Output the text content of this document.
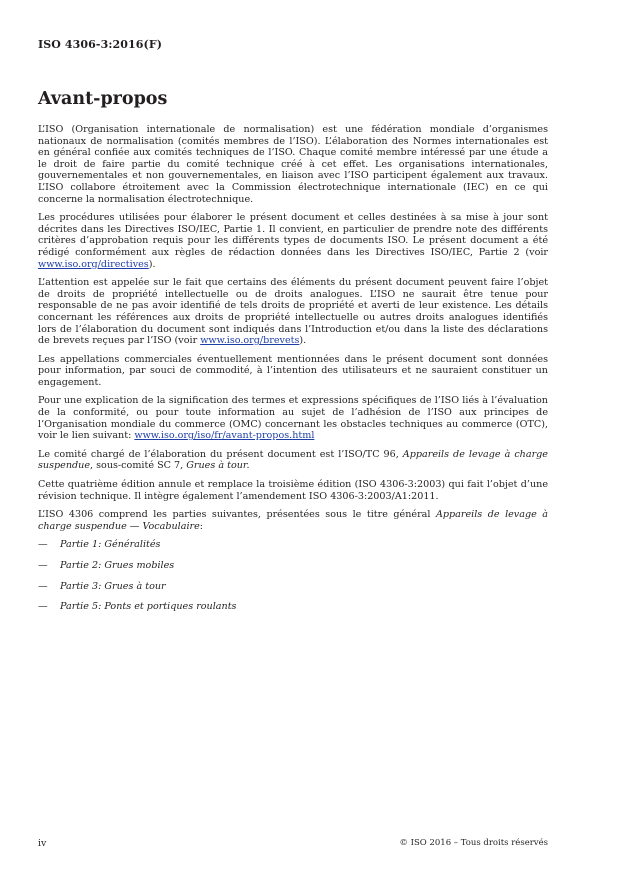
ISO 4306-3:2016(F)
Avant-propos

L’ISO (Organisation internationale de normalisation) est une fédération mondiale d’organismes nationaux de normalisation (comités membres de l’ISO). L’élaboration des Normes internationales est en général confiée aux comités techniques de l’ISO. Chaque comité membre intéressé par une étude a le droit de faire partie du comité technique créé à cet effet. Les organisations internationales, gouvernementales et non gouvernementales, en liaison avec l’ISO participent également aux travaux. L’ISO collabore étroitement avec la Commission électrotechnique internationale (IEC) en ce qui concerne la normalisation électrotechnique.

Les procédures utilisées pour élaborer le présent document et celles destinées à sa mise à jour sont décrites dans les Directives ISO/IEC, Partie 1. Il convient, en particulier de prendre note des différents critères d’approbation requis pour les différents types de documents ISO. Le présent document a été rédigé conformément aux règles de rédaction données dans les Directives ISO/IEC, Partie 2 (voir www.iso.org/directives).

L’attention est appelée sur le fait que certains des éléments du présent document peuvent faire l’objet de droits de propriété intellectuelle ou de droits analogues. L’ISO ne saurait être tenue pour responsable de ne pas avoir identifié de tels droits de propriété et averti de leur existence. Les détails concernant les références aux droits de propriété intellectuelle ou autres droits analogues identifiés lors de l’élaboration du document sont indiqués dans l’Introduction et/ou dans la liste des déclarations de brevets reçues par l’ISO (voir www.iso.org/brevets).

Les appellations commerciales éventuellement mentionnées dans le présent document sont données pour information, par souci de commodité, à l’intention des utilisateurs et ne sauraient constituer un engagement.

Pour une explication de la signification des termes et expressions spécifiques de l’ISO liés à l’évaluation de la conformité, ou pour toute information au sujet de l’adhésion de l’ISO aux principes de l’Organisation mondiale du commerce (OMC) concernant les obstacles techniques au commerce (OTC), voir le lien suivant: www.iso.org/iso/fr/avant-propos.html

Le comité chargé de l’élaboration du présent document est l’ISO/TC 96, Appareils de levage à charge suspendue, sous-comité SC 7, Grues à tour.

Cette quatrième édition annule et remplace la troisième édition (ISO 4306-3:2003) qui fait l’objet d’une révision technique. Il intègre également l’amendement ISO 4306-3:2003/A1:2011.

L’ISO 4306 comprend les parties suivantes, présentées sous le titre général Appareils de levage à charge suspendue — Vocabulaire:

—	Partie 1: Généralités
—	Partie 2: Grues mobiles
—	Partie 3: Grues à tour
—	Partie 5: Ponts et portiques roulants
iv	© ISO 2016 – Tous droits réservés
